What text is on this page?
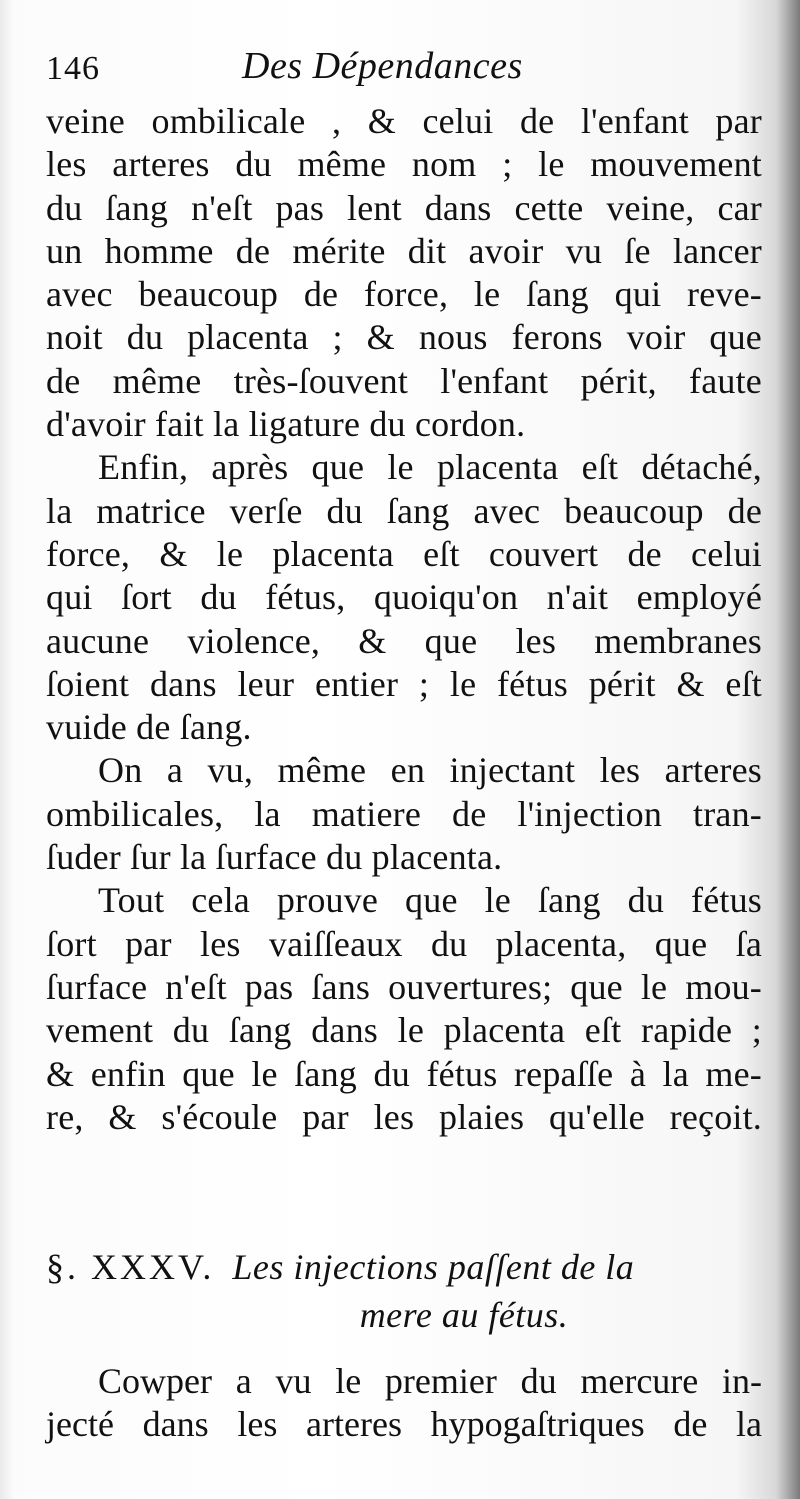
146	Des Dépendances
veine ombilicale , & celui de l'enfant par
les arteres du même nom ; le mouvement
du ſang n'eſt pas lent dans cette veine, car
un homme de mérite dit avoir vu ſe lancer
avec beaucoup de force, le ſang qui reve-
noit du placenta ; & nous ferons voir que
de même très-ſouvent l'enfant périt, faute
d'avoir fait la ligature du cordon.
Enfin, après que le placenta eſt détaché,
la matrice verſe du ſang avec beaucoup de
force, & le placenta eſt couvert de celui
qui ſort du fétus, quoiqu'on n'ait employé
aucune violence, & que les membranes
ſoient dans leur entier ; le fétus périt & eſt
vuide de ſang.
On a vu, même en injectant les arteres
ombilicales, la matiere de l'injection tran-
ſuder ſur la ſurface du placenta.
Tout cela prouve que le ſang du fétus
ſort par les vaiſſeaux du placenta, que ſa
ſurface n'eſt pas ſans ouvertures; que le mou-
vement du ſang dans le placenta eſt rapide ;
& enfin que le ſang du fétus repaſſe à la me-
re, & s'écoule par les plaies qu'elle reçoit.
§. XXXV. Les injections paſſent de la
mere au fétus.
Cowper a vu le premier du mercure in-
jecté dans les arteres hypogaſtriques de la
